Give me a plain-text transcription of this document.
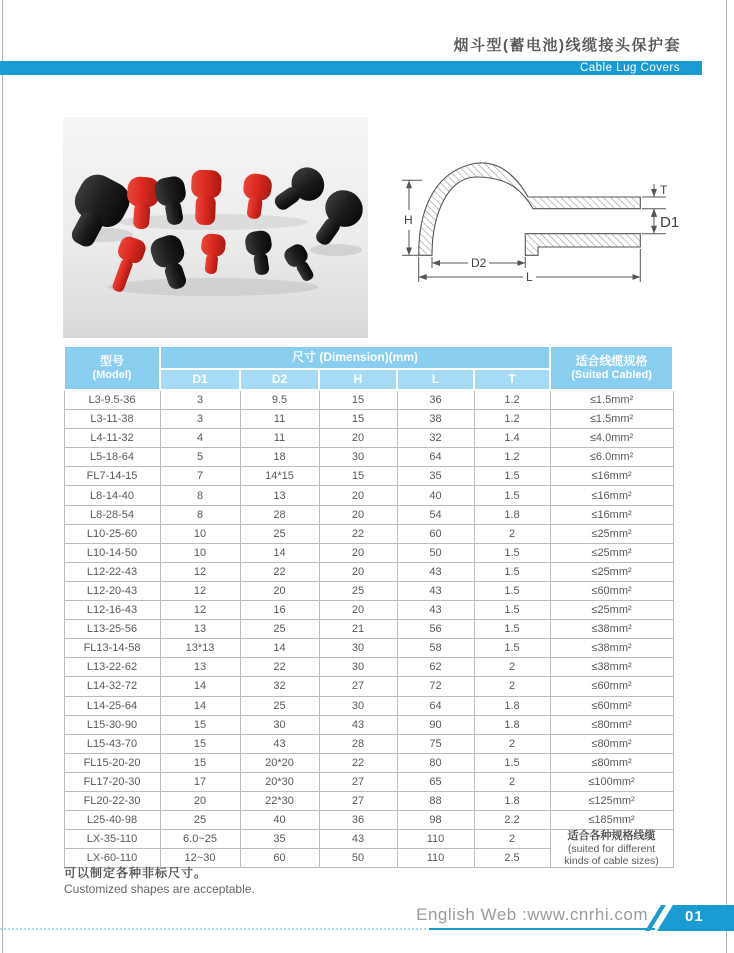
烟斗型(蓄电池)线缆接头保护套
Cable Lug Covers
H
T
D1
D2
L
型号
(Model)
	尺寸 (Dimension)(mm)	适合线缆规格
(Suited Cabled)

	D1	D2	H	L	T	
L3-9.5-36	3	9.5	15	36	1.2	≤1.5mm²
L3-11-38	3	11	15	38	1.2	≤1.5mm²
L4-11-32	4	11	20	32	1.4	≤4.0mm²
L5-18-64	5	18	30	64	1.2	≤6.0mm²
FL7-14-15	7	14*15	15	35	1.5	≤16mm²
L8-14-40	8	13	20	40	1.5	≤16mm²
L8-28-54	8	28	20	54	1.8	≤16mm²
L10-25-60	10	25	22	60	2	≤25mm²
L10-14-50	10	14	20	50	1.5	≤25mm²
L12-22-43	12	22	20	43	1.5	≤25mm²
L12-20-43	12	20	25	43	1.5	≤60mm²
L12-16-43	12	16	20	43	1.5	≤25mm²
L13-25-56	13	25	21	56	1.5	≤38mm²
FL13-14-58	13*13	14	30	58	1.5	≤38mm²
L13-22-62	13	22	30	62	2	≤38mm²
L14-32-72	14	32	27	72	2	≤60mm²
L14-25-64	14	25	30	64	1.8	≤60mm²
L15-30-90	15	30	43	90	1.8	≤80mm²
L15-43-70	15	43	28	75	2	≤80mm²
FL15-20-20	15	20*20	22	80	1.5	≤80mm²
FL17-20-30	17	20*30	27	65	2	≤100mm²
FL20-22-30	20	22*30	27	88	1.8	≤125mm²
L25-40-98	25	40	36	98	2.2	≤185mm²
LX-35-110	6.0~25	35	43	110	2	适合各种规格线缆
(suited for different
kinds of cable sizes)

LX-60-110	12~30	60	50	110	2.5	
可以制定各种非标尺寸。
Customized shapes are acceptable.
English Web :www.cnrhi.com 01
